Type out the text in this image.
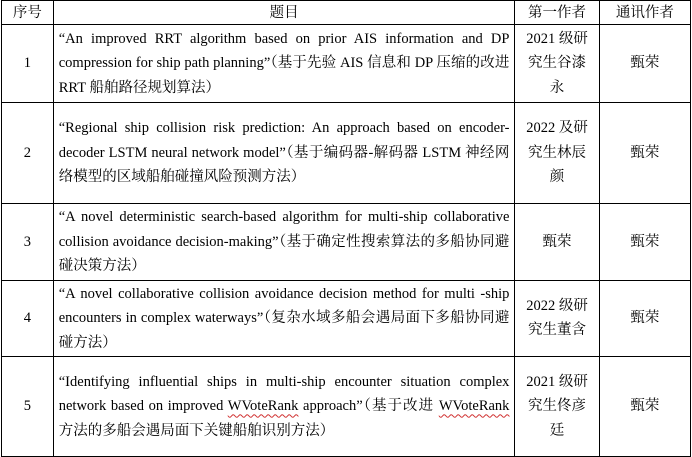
序号	题目	第一作者	通讯作者
1	“An improved RRT algorithm based on prior AIS information and DP compression for ship path planning”（基于先验 AIS 信息和 DP 压缩的改进 RRT 船舶路径规划算法）	2021 级研究生谷漆永	甄荣
2	“Regional ship collision risk prediction: An approach based on encoder-decoder LSTM neural network model”（基于编码器-解码器 LSTM 神经网络模型的区域船舶碰撞风险预测方法）	2022 及研究生林辰颜	甄荣
3	“A novel deterministic search-based algorithm for multi-ship collaborative collision avoidance decision-making”（基于确定性搜索算法的多船协同避碰决策方法）	甄荣	甄荣
4	“A novel collaborative collision avoidance decision method for multi -ship encounters in complex waterways”（复杂水域多船会遇局面下多船协同避碰方法）	2022 级研究生董含	甄荣
5	“Identifying influential ships in multi-ship encounter situation complex network based on improved WVoteRank approach”（基于改进 WVoteRank方法的多船会遇局面下关键船舶识别方法）	2021 级研究生佟彦廷	甄荣
